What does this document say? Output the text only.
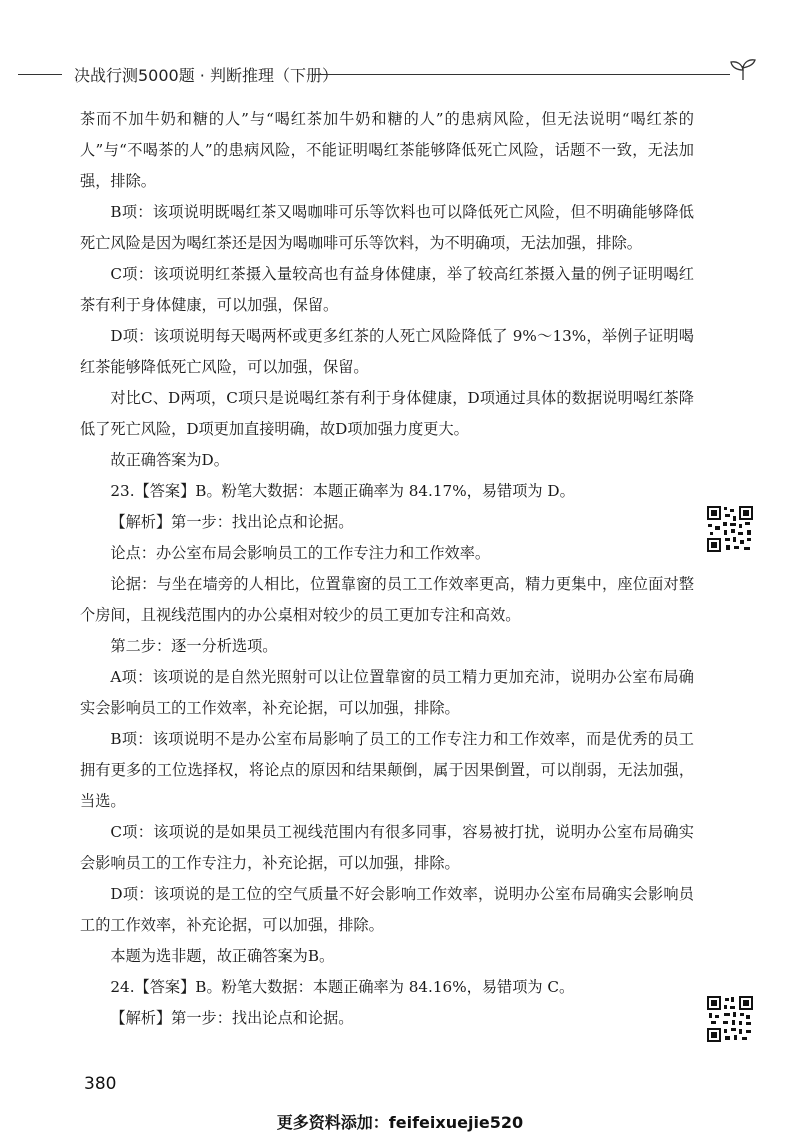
决战行测5000题 · 判断推理（下册）

茶而不加牛奶和糖的人”与“喝红茶加牛奶和糖的人”的患病风险，但无法说明“喝红茶的人”与“不喝茶的人”的患病风险，不能证明喝红茶能够降低死亡风险，话题不一致，无法加强，排除。

B项：该项说明既喝红茶又喝咖啡可乐等饮料也可以降低死亡风险，但不明确能够降低死亡风险是因为喝红茶还是因为喝咖啡可乐等饮料，为不明确项，无法加强，排除。

C项：该项说明红茶摄入量较高也有益身体健康，举了较高红茶摄入量的例子证明喝红茶有利于身体健康，可以加强，保留。

D项：该项说明每天喝两杯或更多红茶的人死亡风险降低了 9%～13%，举例子证明喝红茶能够降低死亡风险，可以加强，保留。

对比C、D两项，C项只是说喝红茶有利于身体健康，D项通过具体的数据说明喝红茶降低了死亡风险，D项更加直接明确，故D项加强力度更大。

故正确答案为D。

23.【答案】B。粉笔大数据：本题正确率为 84.17%，易错项为 D。

【解析】第一步：找出论点和论据。

论点：办公室布局会影响员工的工作专注力和工作效率。

论据：与坐在墙旁的人相比，位置靠窗的员工工作效率更高，精力更集中，座位面对整个房间，且视线范围内的办公桌相对较少的员工更加专注和高效。

第二步：逐一分析选项。

A项：该项说的是自然光照射可以让位置靠窗的员工精力更加充沛，说明办公室布局确实会影响员工的工作效率，补充论据，可以加强，排除。

B项：该项说明不是办公室布局影响了员工的工作专注力和工作效率，而是优秀的员工拥有更多的工位选择权，将论点的原因和结果颠倒，属于因果倒置，可以削弱，无法加强，当选。

C项：该项说的是如果员工视线范围内有很多同事，容易被打扰，说明办公室布局确实会影响员工的工作专注力，补充论据，可以加强，排除。

D项：该项说的是工位的空气质量不好会影响工作效率，说明办公室布局确实会影响员工的工作效率，补充论据，可以加强，排除。

本题为选非题，故正确答案为B。

24.【答案】B。粉笔大数据：本题正确率为 84.16%，易错项为 C。

【解析】第一步：找出论点和论据。

380
更多资料添加：feifeixuejie520
